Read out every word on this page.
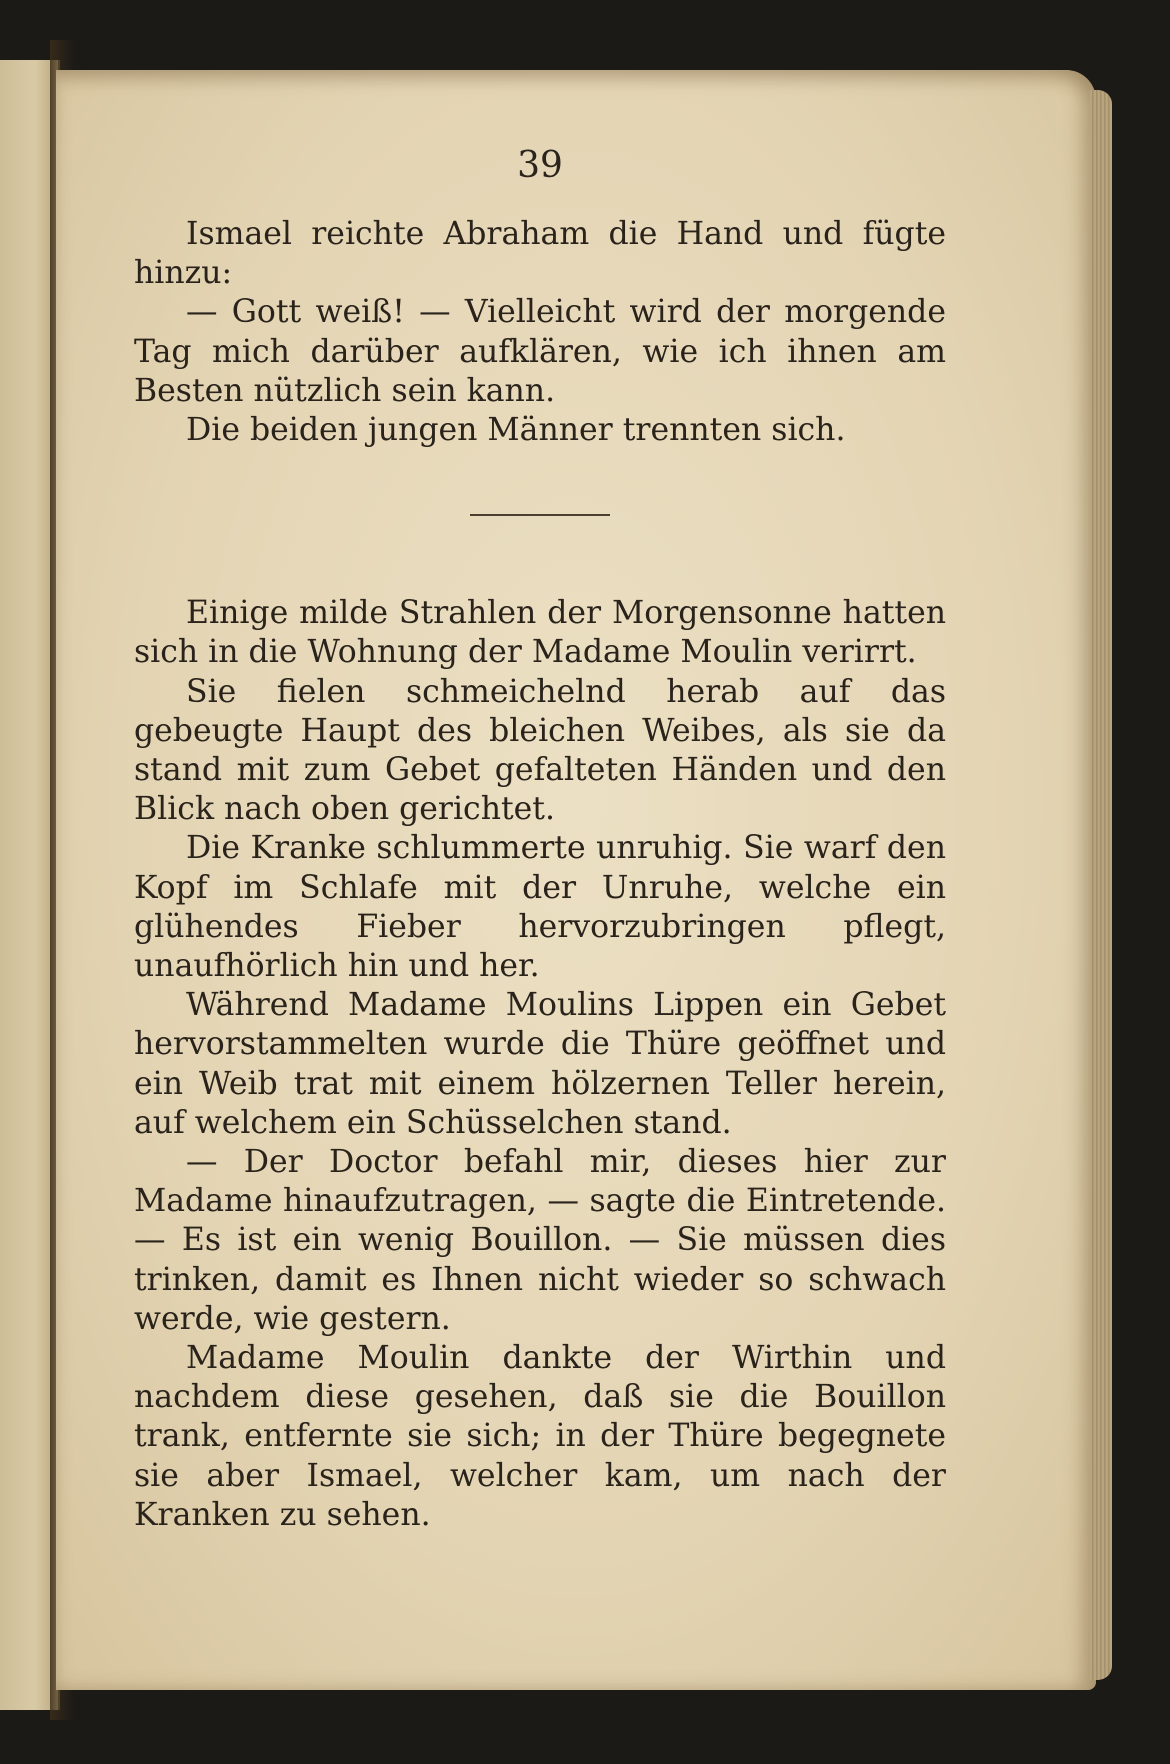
39

Ismael reichte Abraham die Hand und fügte hinzu:

— Gott weiß! — Vielleicht wird der morgende Tag mich darüber aufklären, wie ich ihnen am Besten nützlich sein kann.

Die beiden jungen Männer trennten sich.

Einige milde Strahlen der Morgensonne hatten sich in die Wohnung der Madame Moulin verirrt.

Sie fielen schmeichelnd herab auf das gebeugte Haupt des bleichen Weibes, als sie da stand mit zum Gebet gefalteten Händen und den Blick nach oben gerichtet.

Die Kranke schlummerte unruhig. Sie warf den Kopf im Schlafe mit der Unruhe, welche ein glühendes Fieber hervorzubringen pflegt, unaufhörlich hin und her.

Während Madame Moulins Lippen ein Gebet hervorstammelten wurde die Thüre geöffnet und ein Weib trat mit einem hölzernen Teller herein, auf welchem ein Schüsselchen stand.

— Der Doctor befahl mir, dieses hier zur Madame hinaufzutragen, — sagte die Eintretende. — Es ist ein wenig Bouillon. — Sie müssen dies trinken, damit es Ihnen nicht wieder so schwach werde, wie gestern.

Madame Moulin dankte der Wirthin und nachdem diese gesehen, daß sie die Bouillon trank, entfernte sie sich; in der Thüre begegnete sie aber Ismael, welcher kam, um nach der Kranken zu sehen.
